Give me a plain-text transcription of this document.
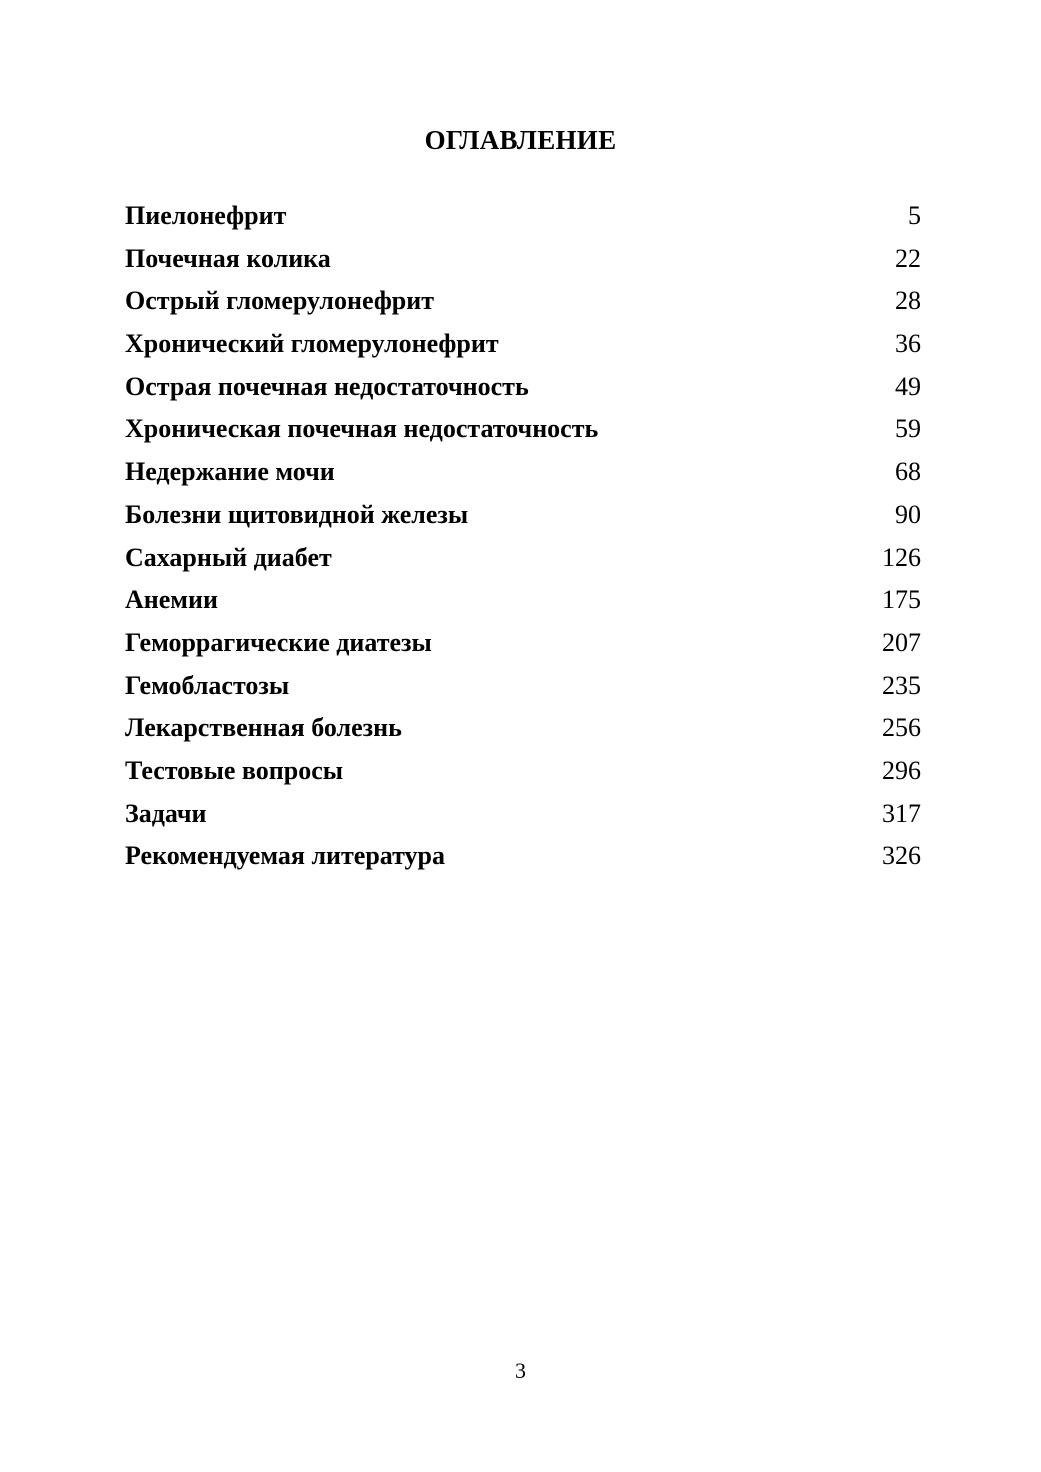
ОГЛАВЛЕНИЕ
Пиелонефрит	5
Почечная колика	22
Острый гломерулонефрит	28
Хронический гломерулонефрит	36
Острая почечная недостаточность	49
Хроническая почечная недостаточность	59
Недержание мочи	68
Болезни щитовидной железы	90
Сахарный диабет	126
Анемии	175
Геморрагические диатезы	207
Гемобластозы	235
Лекарственная болезнь	256
Тестовые вопросы	296
Задачи	317
Рекомендуемая литература	326
3
